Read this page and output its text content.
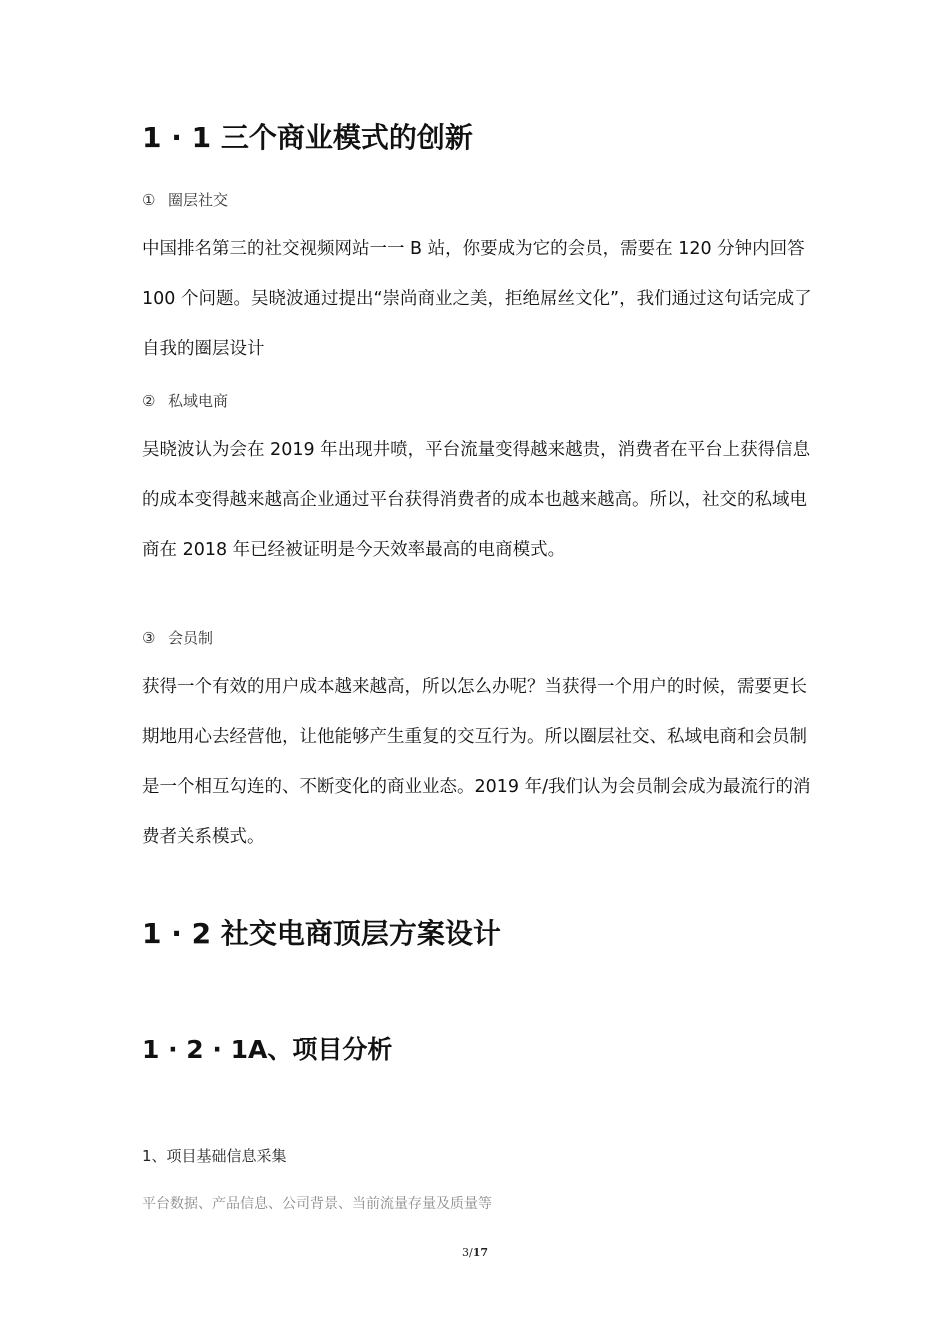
1 · 1 三个商业模式的创新
① 圈层社交

中国排名第三的社交视频网站一一 B 站，你要成为它的会员，需要在 120 分钟内回答 100 个问题。吴晓波通过提出“崇尚商业之美，拒绝屌丝文化”，我们通过这句话完成了自我的圈层设计

② 私域电商

吴晓波认为会在 2019 年出现井喷，平台流量变得越来越贵，消费者在平台上获得信息的成本变得越来越高企业通过平台获得消费者的成本也越来越高。所以，社交的私域电商在 2018 年已经被证明是今天效率最高的电商模式。

③ 会员制

获得一个有效的用户成本越来越高，所以怎么办呢？当获得一个用户的时候，需要更长期地用心去经营他，让他能够产生重复的交互行为。所以圈层社交、私域电商和会员制是一个相互勾连的、不断变化的商业业态。2019 年/我们认为会员制会成为最流行的消费者关系模式。

1 · 2 社交电商顶层方案设计
1 · 2 · 1A、项目分析
1、项目基础信息采集
平台数据、产品信息、公司背景、当前流量存量及质量等
3/17
